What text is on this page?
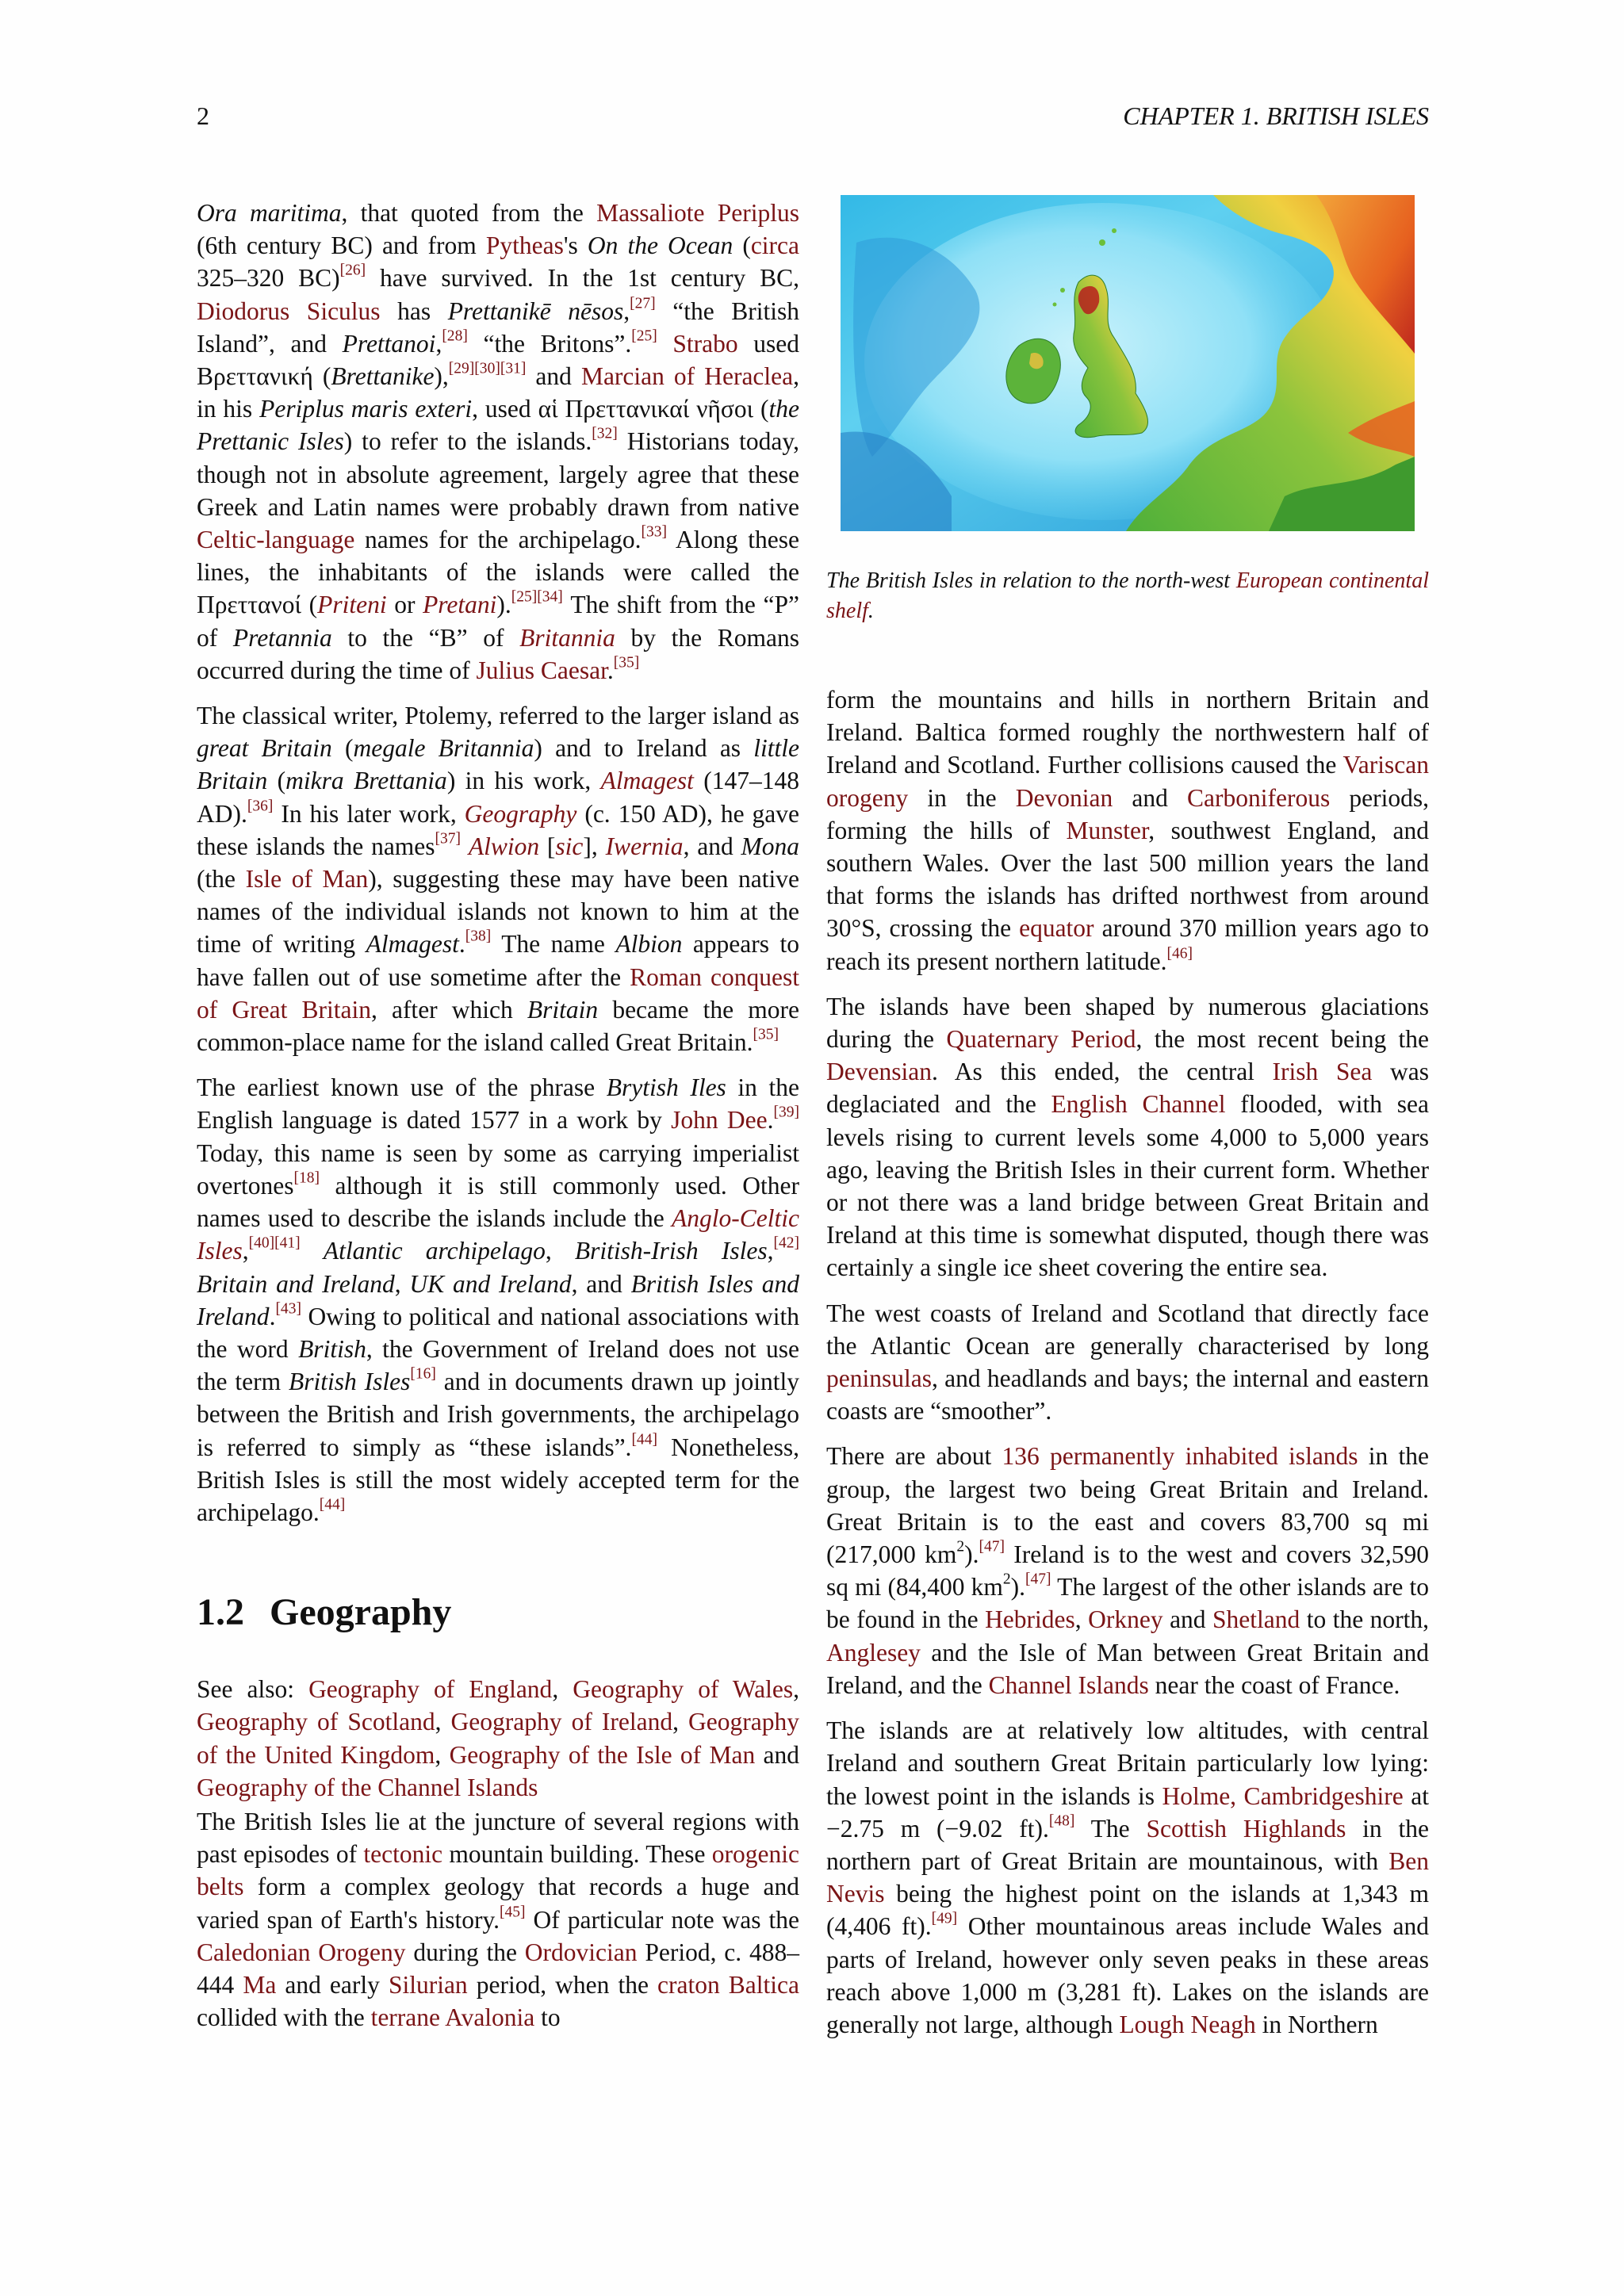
2	CHAPTER 1. BRITISH ISLES
The British Isles in relation to the north-west European continental shelf.

Ora maritima, that quoted from the Massaliote Periplus (6th century BC) and from Pytheas's On the Ocean (circa 325–320 BC)[26] have survived. In the 1st century BC, Diodorus Siculus has Prettanikē nēsos,[27] “the British Island”, and Prettanoi,[28] “the Britons”.[25] Strabo used Βρεττανική (Brettanike),[29][30][31] and Marcian of Heraclea, in his Periplus maris exteri, used αἱ Πρεττανικαί νῆσοι (the Prettanic Isles) to refer to the islands.[32] Historians today, though not in absolute agreement, largely agree that these Greek and Latin names were probably drawn from native Celtic-language names for the archipelago.[33] Along these lines, the inhabitants of the islands were called the Πρεττανοί (Priteni or Pretani).[25][34] The shift from the “P” of Pretannia to the “B” of Britannia by the Romans occurred during the time of Julius Caesar.[35]

The classical writer, Ptolemy, referred to the larger island as great Britain (megale Britannia) and to Ireland as little Britain (mikra Brettania) in his work, Almagest (147–148 AD).[36] In his later work, Geography (c. 150 AD), he gave these islands the names[37] Alwion [sic], Iwernia, and Mona (the Isle of Man), suggesting these may have been native names of the individual islands not known to him at the time of writing Almagest.[38] The name Albion appears to have fallen out of use sometime after the Roman conquest of Great Britain, after which Britain became the more common-place name for the island called Great Britain.[35]

The earliest known use of the phrase Brytish Iles in the English language is dated 1577 in a work by John Dee.[39] Today, this name is seen by some as carrying imperialist overtones[18] although it is still commonly used. Other names used to describe the islands include the Anglo-Celtic Isles,[40][41] Atlantic archipelago, British-Irish Isles,[42] Britain and Ireland, UK and Ireland, and British Isles and Ireland.[43] Owing to political and national associations with the word British, the Government of Ireland does not use the term British Isles[16] and in documents drawn up jointly between the British and Irish governments, the archipelago is referred to simply as “these islands”.[44] Nonetheless, British Isles is still the most widely accepted term for the archipelago.[44]

1.2 Geography

See also: Geography of England, Geography of Wales, Geography of Scotland, Geography of Ireland, Geography of the United Kingdom, Geography of the Isle of Man and Geography of the Channel Islands

The British Isles lie at the juncture of several regions with past episodes of tectonic mountain building. These orogenic belts form a complex geology that records a huge and varied span of Earth's history.[45] Of particular note was the Caledonian Orogeny during the Ordovician Period, c. 488–444 Ma and early Silurian period, when the craton Baltica collided with the terrane Avalonia to

form the mountains and hills in northern Britain and Ireland. Baltica formed roughly the northwestern half of Ireland and Scotland. Further collisions caused the Variscan orogeny in the Devonian and Carboniferous periods, forming the hills of Munster, southwest England, and southern Wales. Over the last 500 million years the land that forms the islands has drifted northwest from around 30°S, crossing the equator around 370 million years ago to reach its present northern latitude.[46]

The islands have been shaped by numerous glaciations during the Quaternary Period, the most recent being the Devensian. As this ended, the central Irish Sea was deglaciated and the English Channel flooded, with sea levels rising to current levels some 4,000 to 5,000 years ago, leaving the British Isles in their current form. Whether or not there was a land bridge between Great Britain and Ireland at this time is somewhat disputed, though there was certainly a single ice sheet covering the entire sea.

The west coasts of Ireland and Scotland that directly face the Atlantic Ocean are generally characterised by long peninsulas, and headlands and bays; the internal and eastern coasts are “smoother”.

There are about 136 permanently inhabited islands in the group, the largest two being Great Britain and Ireland. Great Britain is to the east and covers 83,700 sq mi (217,000 $km^2).[47]$ Ireland is to the west and covers 32,590 sq mi (84,400 $km^2).[47]$ The largest of the other islands are to be found in the Hebrides, Orkney and Shetland to the north, Anglesey and the Isle of Man between Great Britain and Ireland, and the Channel Islands near the coast of France.

The islands are at relatively low altitudes, with central Ireland and southern Great Britain particularly low lying: the lowest point in the islands is Holme, Cambridgeshire at −2.75 m (−9.02 ft).[48] The Scottish Highlands in the northern part of Great Britain are mountainous, with Ben Nevis being the highest point on the islands at 1,343 m (4,406 ft).[49] Other mountainous areas include Wales and parts of Ireland, however only seven peaks in these areas reach above 1,000 m (3,281 ft). Lakes on the islands are generally not large, although Lough Neagh in Northern
